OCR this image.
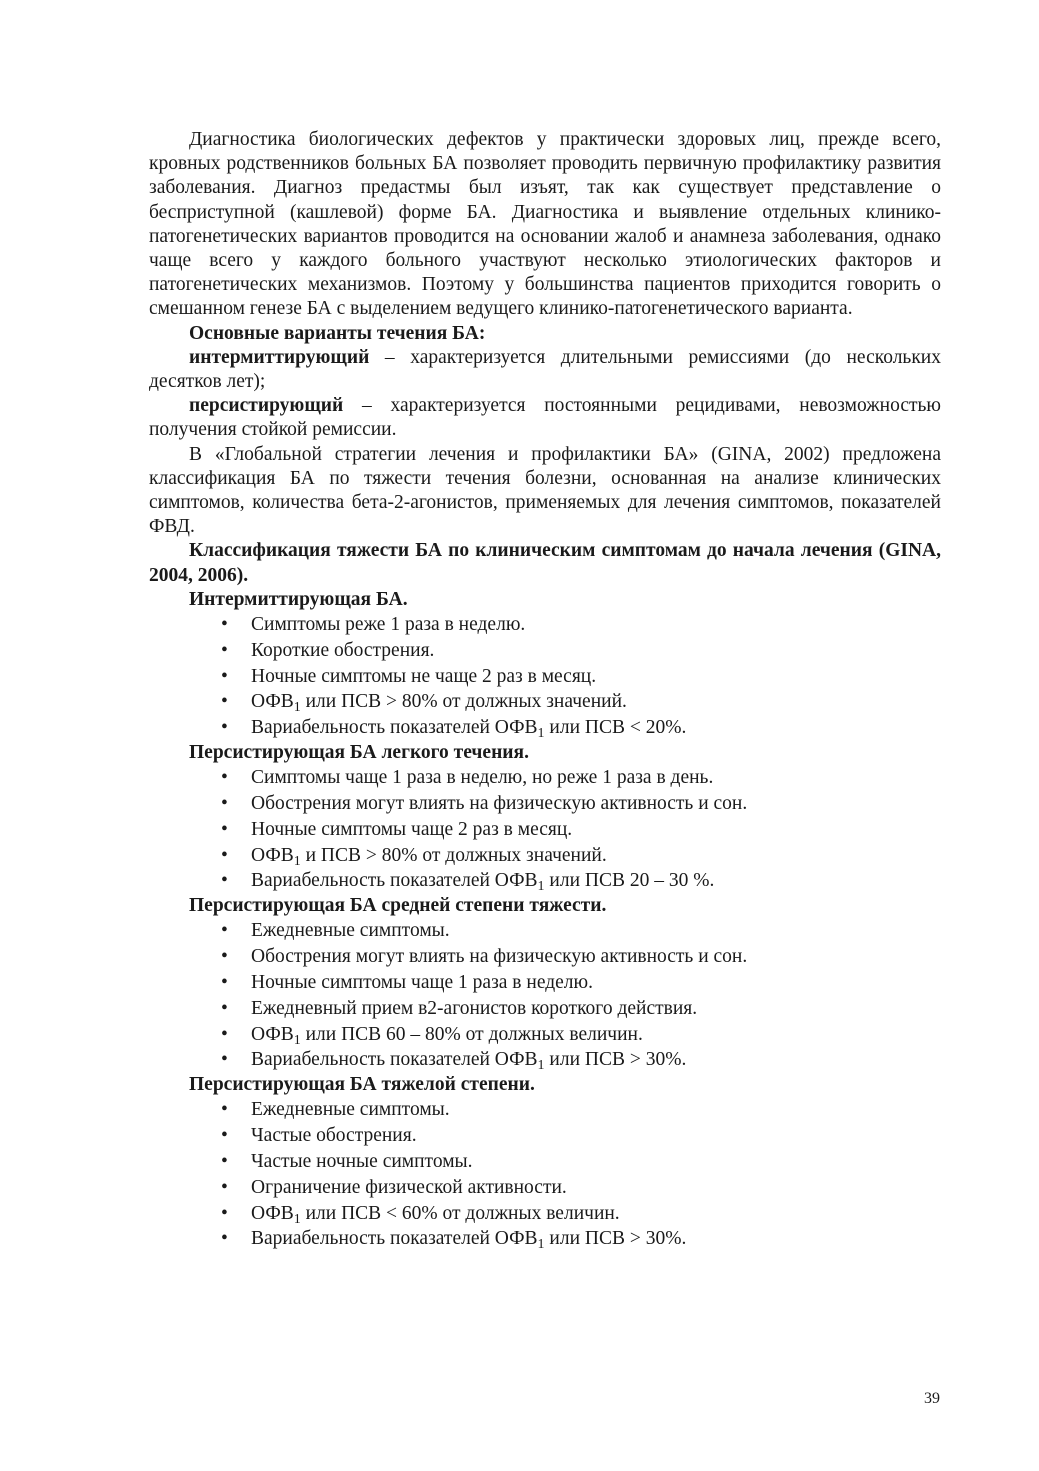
Диагностика биологических дефектов у практически здоровых лиц, прежде всего, кровных родственников больных БА позволяет проводить первичную профилактику развития заболевания. Диагноз предастмы был изъят, так как существует представление о бесприступной (кашлевой) форме БА. Диагностика и выявление отдельных клинико-патогенетических вариантов проводится на основании жалоб и анамнеза заболевания, однако чаще всего у каждого больного участвуют несколько этиологических факторов и патогенетических механизмов. Поэтому у большинства пациентов приходится говорить о смешанном генезе БА с выделением ведущего клинико-патогенетического варианта.

Основные варианты течения БА:

интермиттирующий – характеризуется длительными ремиссиями (до нескольких десятков лет);

персистирующий – характеризуется постоянными рецидивами, невозможностью получения стойкой ремиссии.

В «Глобальной стратегии лечения и профилактики БА» (GINA, 2002) предложена классификация БА по тяжести течения болезни, основанная на анализе клинических симптомов, количества бета-2-агонистов, применяемых для лечения симптомов, показателей ФВД.

Классификация тяжести БА по клиническим симптомам до начала лечения (GINA, 2004, 2006).

Интермиттирующая БА.

• Симптомы реже 1 раза в неделю.
• Короткие обострения.
• Ночные симптомы не чаще 2 раз в месяц.
• $ОФВ_1$ или ПСВ > 80% от должных значений.
• Вариабельность показателей $ОФВ_1$ или ПСВ < 20%.

Персистирующая БА легкого течения.

• Симптомы чаще 1 раза в неделю, но реже 1 раза в день.
• Обострения могут влиять на физическую активность и сон.
• Ночные симптомы чаще 2 раз в месяц.
• $ОФВ_1$ и ПСВ > 80% от должных значений.
• Вариабельность показателей $ОФВ_1$ или ПСВ 20 – 30 %.

Персистирующая БА средней степени тяжести.

• Ежедневные симптомы.
• Обострения могут влиять на физическую активность и сон.
• Ночные симптомы чаще 1 раза в неделю.
• Ежедневный прием в2-агонистов короткого действия.
• $ОФВ_1$ или ПСВ 60 – 80% от должных величин.
• Вариабельность показателей $ОФВ_1$ или ПСВ > 30%.

Персистирующая БА тяжелой степени.

• Ежедневные симптомы.
• Частые обострения.
• Частые ночные симптомы.
• Ограничение физической активности.
• $ОФВ_1$ или ПСВ < 60% от должных величин.
• Вариабельность показателей $ОФВ_1$ или ПСВ > 30%.
39
